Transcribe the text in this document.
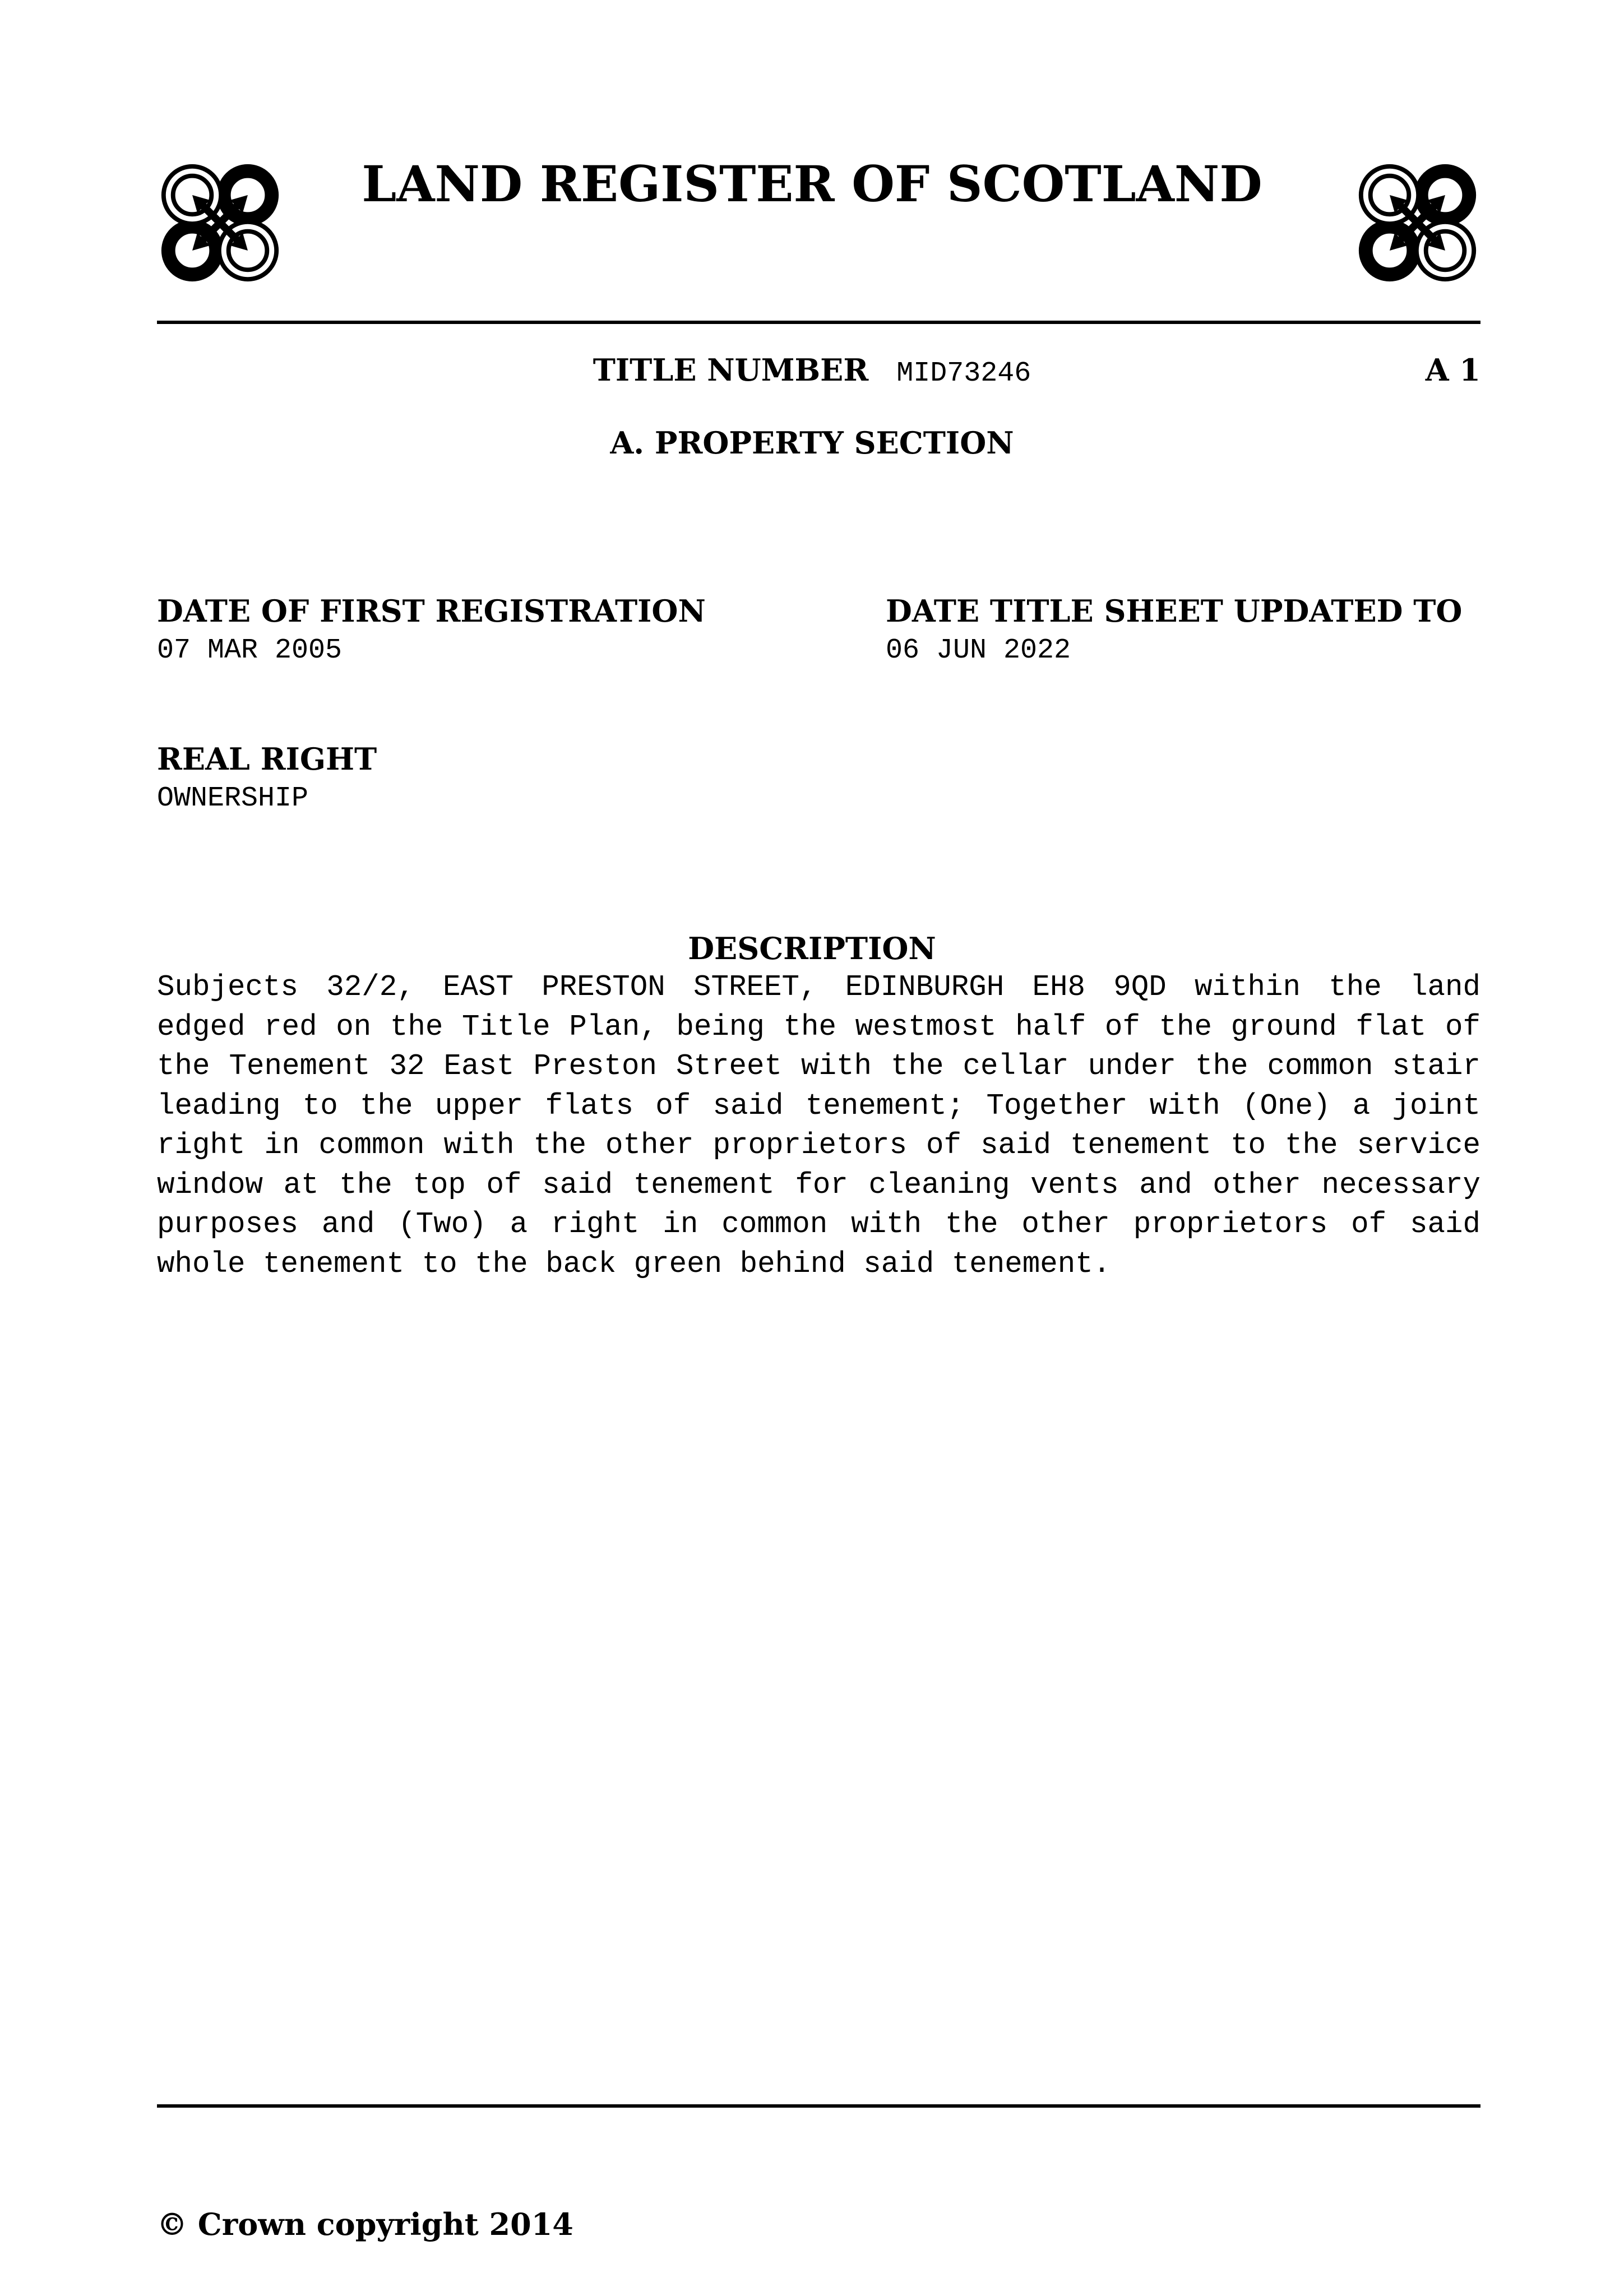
LAND REGISTER OF SCOTLAND
TITLE NUMBER MID73246	A 1
A. PROPERTY SECTION
DATE OF FIRST REGISTRATION
07 MAR 2005
DATE TITLE SHEET UPDATED TO
06 JUN 2022
REAL RIGHT
OWNERSHIP
DESCRIPTION

Subjects 32/2, EAST PRESTON STREET, EDINBURGH EH8 9QD within the land edged red on the Title Plan, being the westmost half of the ground flat of the Tenement 32 East Preston Street with the cellar under the common stair leading to the upper flats of said tenement; Together with (One) a joint right in common with the other proprietors of said tenement to the service window at the top of said tenement for cleaning vents and other necessary purposes and (Two) a right in common with the other proprietors of said whole tenement to the back green behind said tenement.

© Crown copyright 2014
